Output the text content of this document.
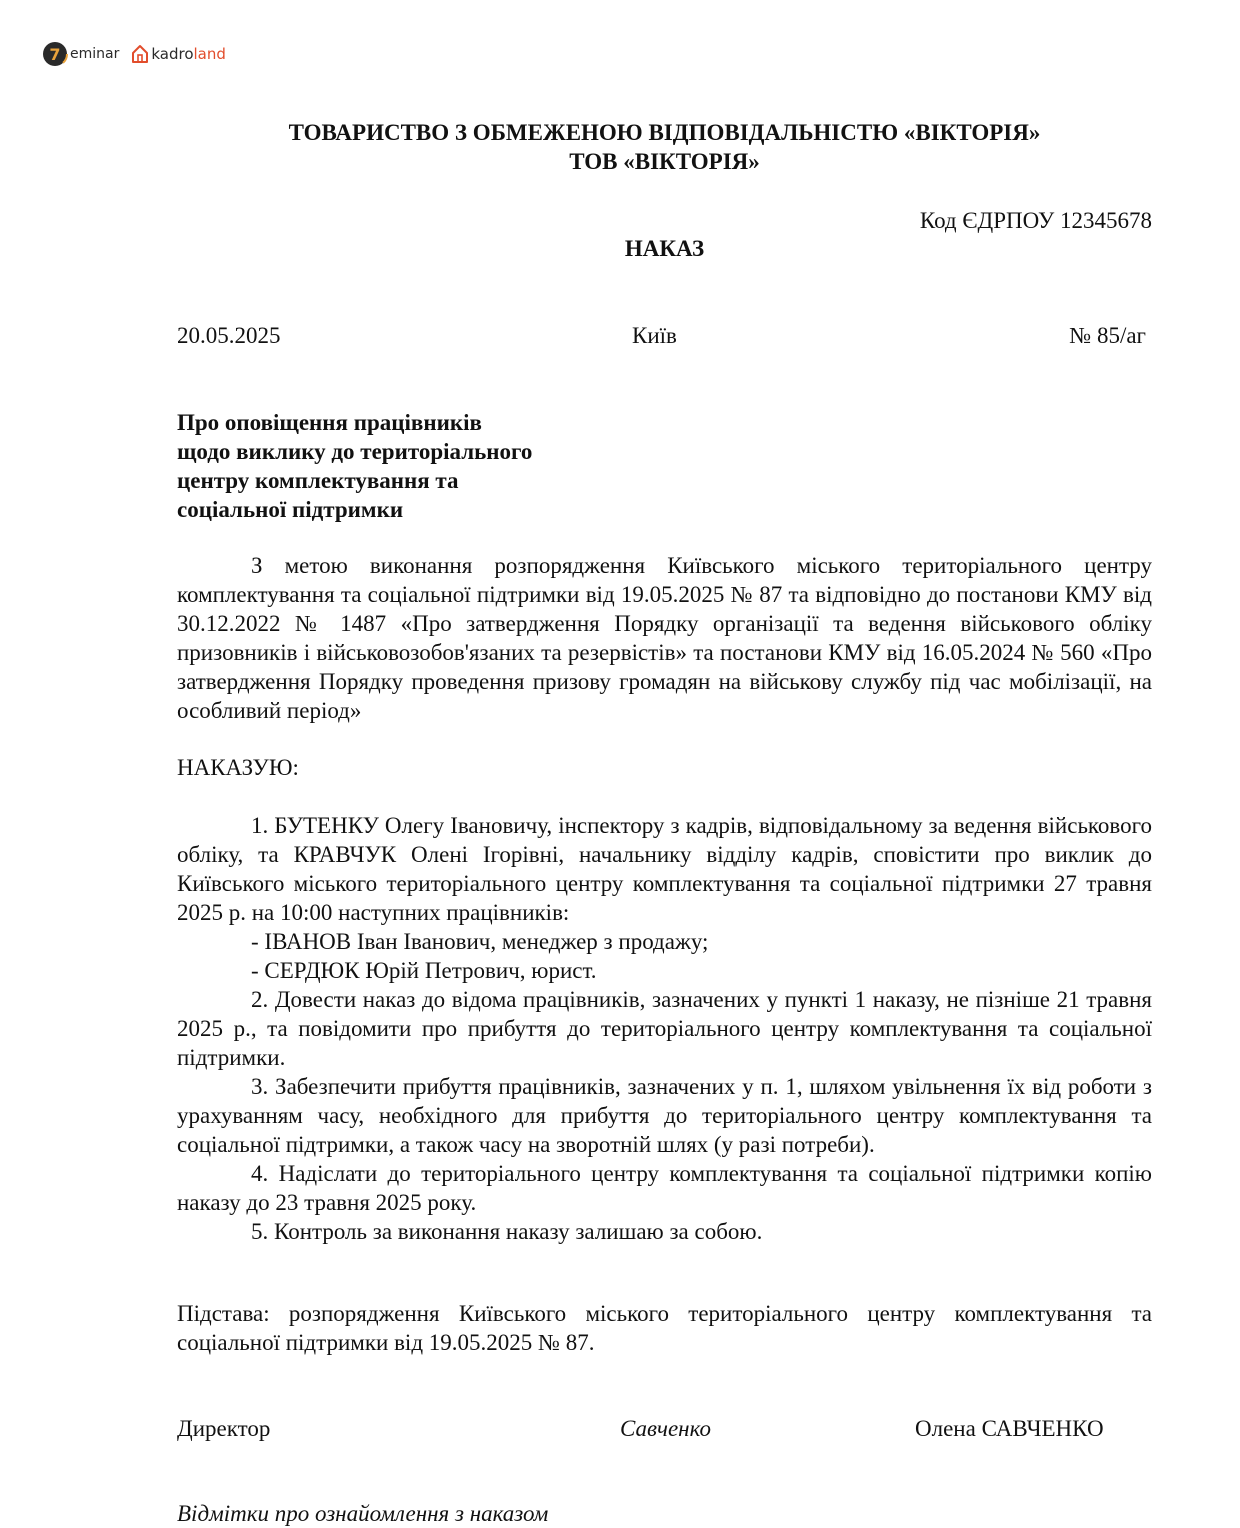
7 eminar kadroland
ТОВАРИСТВО З ОБМЕЖЕНОЮ ВІДПОВІДАЛЬНІСТЮ «ВІКТОРІЯ»
ТОВ «ВІКТОРІЯ»
Код ЄДРПОУ 12345678
НАКАЗ
20.05.2025	Київ	№ 85/аг
Про оповіщення працівників
щодо виклику до територіального
центру комплектування та
соціальної підтримки

З метою виконання розпорядження Київського міського територіального центру комплектування та соціальної підтримки від 19.05.2025 № 87 та відповідно до постанови КМУ від 30.12.2022 № 1487 «Про затвердження Порядку організації та ведення військового обліку призовників і військовозобов'язаних та резервістів» та постанови КМУ від 16.05.2024 № 560 «Про затвердження Порядку проведення призову громадян на військову службу під час мобілізації, на особливий період»

НАКАЗУЮ:

1. БУТЕНКУ Олегу Івановичу, інспектору з кадрів, відповідальному за ведення військового обліку, та КРАВЧУК Олені Ігорівні, начальнику відділу кадрів, сповістити про виклик до Київського міського територіального центру комплектування та соціальної підтримки 27 травня 2025 р. на 10:00 наступних працівників:

- ІВАНОВ Іван Іванович, менеджер з продажу;

- СЕРДЮК Юрій Петрович, юрист.

2. Довести наказ до відома працівників, зазначених у пункті 1 наказу, не пізніше 21 травня 2025 р., та повідомити про прибуття до територіального центру комплектування та соціальної підтримки.

3. Забезпечити прибуття працівників, зазначених у п. 1, шляхом увільнення їх від роботи з урахуванням часу, необхідного для прибуття до територіального центру комплектування та соціальної підтримки, а також часу на зворотній шлях (у разі потреби).

4. Надіслати до територіального центру комплектування та соціальної підтримки копію наказу до 23 травня 2025 року.

5. Контроль за виконання наказу залишаю за собою.

Підстава: розпорядження Київського міського територіального центру комплектування та соціальної підтримки від 19.05.2025 № 87.

Директор	Савченко	Олена САВЧЕНКО
Відмітки про ознайомлення з наказом
